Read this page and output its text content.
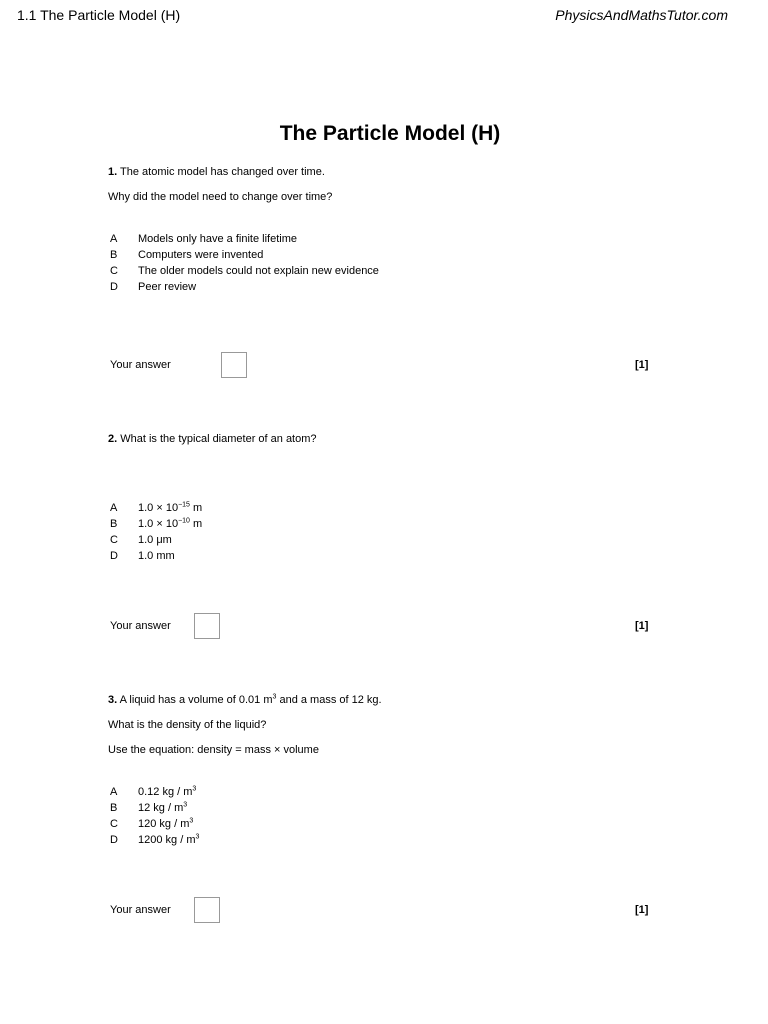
1.1 The Particle Model (H)	PhysicsAndMathsTutor.com
The Particle Model (H)
1. The atomic model has changed over time.
Why did the model need to change over time?
A Models only have a finite lifetime
B Computers were invented
C The older models could not explain new evidence
D Peer review
Your answer	[1]
2. What is the typical diameter of an atom?
A $1.0 \times 10^{-15}$ m
B $1.0 \times 10^{-10}$ m
C 1.0 μm
D 1.0 mm
Your answer	[1]
3. A liquid has a volume of 0.01 $m^3$ and a mass of 12 kg.
What is the density of the liquid?
Use the equation: density = mass × volume
A 0.12 kg / $m^3$
B 12 kg / $m^3$
C 120 kg / $m^3$
D 1200 kg / $m^3$
Your answer	[1]
